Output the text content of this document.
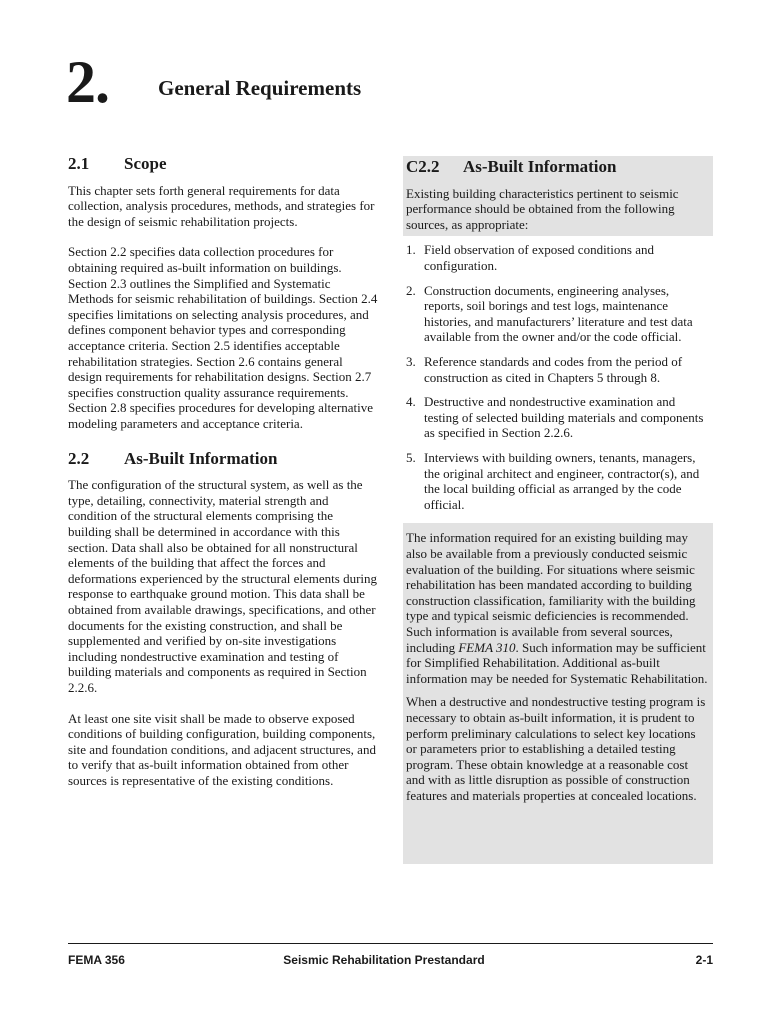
2. General Requirements
2.1 Scope

This chapter sets forth general requirements for data collection, analysis procedures, methods, and strategies for the design of seismic rehabilitation projects.

Section 2.2 specifies data collection procedures for obtaining required as-built information on buildings. Section 2.3 outlines the Simplified and Systematic Methods for seismic rehabilitation of buildings. Section 2.4 specifies limitations on selecting analysis procedures, and defines component behavior types and corresponding acceptance criteria. Section 2.5 identifies acceptable rehabilitation strategies. Section 2.6 contains general design requirements for rehabilitation designs. Section 2.7 specifies construction quality assurance requirements. Section 2.8 specifies procedures for developing alternative modeling parameters and acceptance criteria.

2.2 As-Built Information

The configuration of the structural system, as well as the type, detailing, connectivity, material strength and condition of the structural elements comprising the building shall be determined in accordance with this section. Data shall also be obtained for all nonstructural elements of the building that affect the forces and deformations experienced by the structural elements during response to earthquake ground motion. This data shall be obtained from available drawings, specifications, and other documents for the existing construction, and shall be supplemented and verified by on-site investigations including nondestructive examination and testing of building materials and components as required in Section 2.2.6.

At least one site visit shall be made to observe exposed conditions of building configuration, building components, site and foundation conditions, and adjacent structures, and to verify that as-built information obtained from other sources is representative of the existing conditions.

C2.2 As-Built Information

Existing building characteristics pertinent to seismic performance should be obtained from the following sources, as appropriate:

1. Field observation of exposed conditions and configuration.
2. Construction documents, engineering analyses, reports, soil borings and test logs, maintenance histories, and manufacturers’ literature and test data available from the owner and/or the code official.
3. Reference standards and codes from the period of construction as cited in Chapters 5 through 8.
4. Destructive and nondestructive examination and testing of selected building materials and components as specified in Section 2.2.6.
5. Interviews with building owners, tenants, managers, the original architect and engineer, contractor(s), and the local building official as arranged by the code official.

The information required for an existing building may also be available from a previously conducted seismic evaluation of the building. For situations where seismic rehabilitation has been mandated according to building construction classification, familiarity with the building type and typical seismic deficiencies is recommended. Such information is available from several sources, including FEMA 310. Such information may be sufficient for Simplified Rehabilitation. Additional as-built information may be needed for Systematic Rehabilitation.

When a destructive and nondestructive testing program is necessary to obtain as-built information, it is prudent to perform preliminary calculations to select key locations or parameters prior to establishing a detailed testing program. These obtain knowledge at a reasonable cost and with as little disruption as possible of construction features and materials properties at concealed locations.

FEMA 356	Seismic Rehabilitation Prestandard	2-1
